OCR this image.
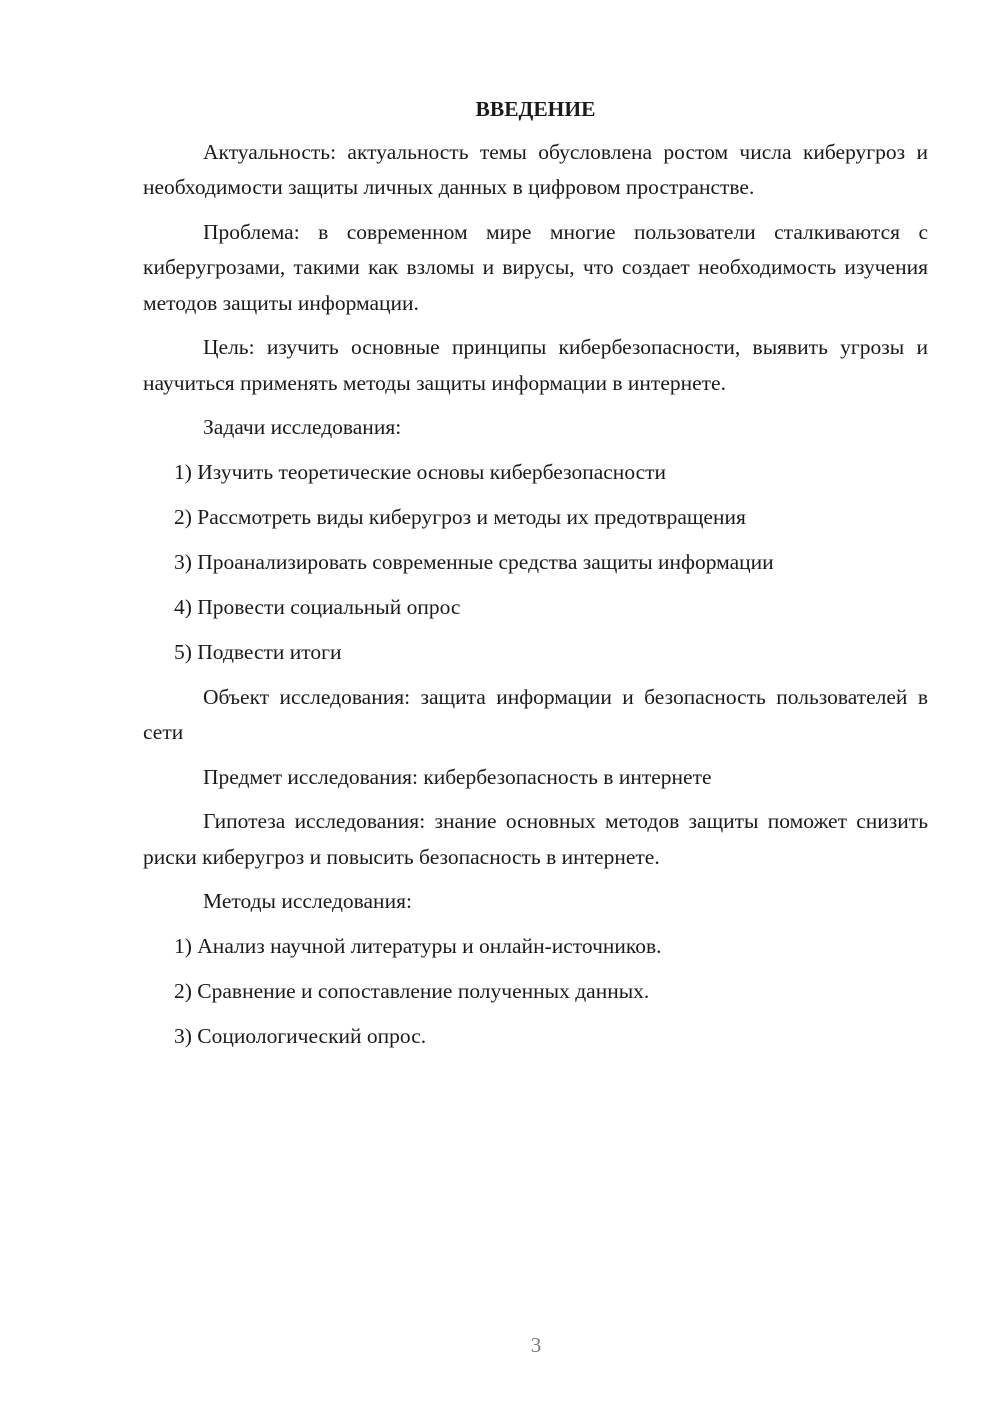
ВВЕДЕНИЕ

Актуальность: актуальность темы обусловлена ростом числа киберугроз и необходимости защиты личных данных в цифровом пространстве.

Проблема: в современном мире многие пользователи сталкиваются с киберугрозами, такими как взломы и вирусы, что создает необходимость изучения методов защиты информации.

Цель: изучить основные принципы кибербезопасности, выявить угрозы и научиться применять методы защиты информации в интернете.

Задачи исследования:

1) Изучить теоретические основы кибербезопасности
2) Рассмотреть виды киберугроз и методы их предотвращения
3) Проанализировать современные средства защиты информации
4) Провести социальный опрос
5) Подвести итоги

Объект исследования: защита информации и безопасность пользователей в сети

Предмет исследования: кибербезопасность в интернете

Гипотеза исследования: знание основных методов защиты поможет снизить риски киберугроз и повысить безопасность в интернете.

Методы исследования:

1) Анализ научной литературы и онлайн-источников.
2) Сравнение и сопоставление полученных данных.
3) Социологический опрос.
3
